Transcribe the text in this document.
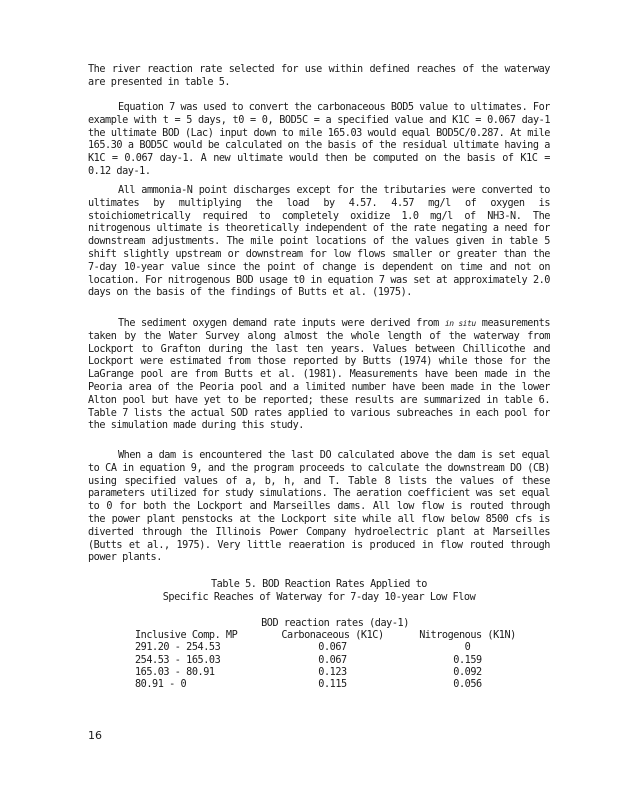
The river reaction rate selected for use within defined reaches of the waterway are presented in table 5.

Equation 7 was used to convert the carbonaceous BOD5 value to ultimates. For example with t = 5 days, t0 = 0, BOD5C = a specified value and K1C = 0.067 day-1 the ultimate BOD (Lac) input down to mile 165.03 would equal BOD5C/0.287. At mile 165.30 a BOD5C would be calculated on the basis of the residual ultimate having a K1C = 0.067 day-1. A new ultimate would then be computed on the basis of K1C = 0.12 day-1.

All ammonia-N point discharges except for the tributaries were converted to ultimates by multiplying the load by 4.57. 4.57 mg/l of oxygen is stoichiometrically required to completely oxidize 1.0 mg/l of NH3-N. The nitrogenous ultimate is theoretically independent of the rate negating a need for downstream adjustments. The mile point locations of the values given in table 5 shift slightly upstream or downstream for low flows smaller or greater than the 7-day 10-year value since the point of change is dependent on time and not on location. For nitrogenous BOD usage t0 in equation 7 was set at approximately 2.0 days on the basis of the findings of Butts et al. (1975).

The sediment oxygen demand rate inputs were derived from in situ measurements taken by the Water Survey along almost the whole length of the waterway from Lockport to Grafton during the last ten years. Values between Chillicothe and Lockport were estimated from those reported by Butts (1974) while those for the LaGrange pool are from Butts et al. (1981). Measurements have been made in the Peoria area of the Peoria pool and a limited number have been made in the lower Alton pool but have yet to be reported; these results are summarized in table 6. Table 7 lists the actual SOD rates applied to various subreaches in each pool for the simulation made during this study.

When a dam is encountered the last DO calculated above the dam is set equal to CA in equation 9, and the program proceeds to calculate the downstream DO (CB) using specified values of a, b, h, and T. Table 8 lists the values of these parameters utilized for study simulations. The aeration coefficient was set equal to 0 for both the Lockport and Marseilles dams. All low flow is routed through the power plant penstocks at the Lockport site while all flow below 8500 cfs is diverted through the Illinois Power Company hydroelectric plant at Marseilles (Butts et al., 1975). Very little reaeration is produced in flow routed through power plants.

Table 5. BOD Reaction Rates Applied to

Specific Reaches of Waterway for 7-day 10-year Low Flow

BOD reaction rates (day-1)		
Inclusive Comp. MP	Carbonaceous (K1C)	Nitrogenous (K1N)
291.20 - 254.53	0.067	0
254.53 - 165.03	0.067	0.159
165.03 - 80.91	0.123	0.092
80.91 - 0	0.115	0.056
16
